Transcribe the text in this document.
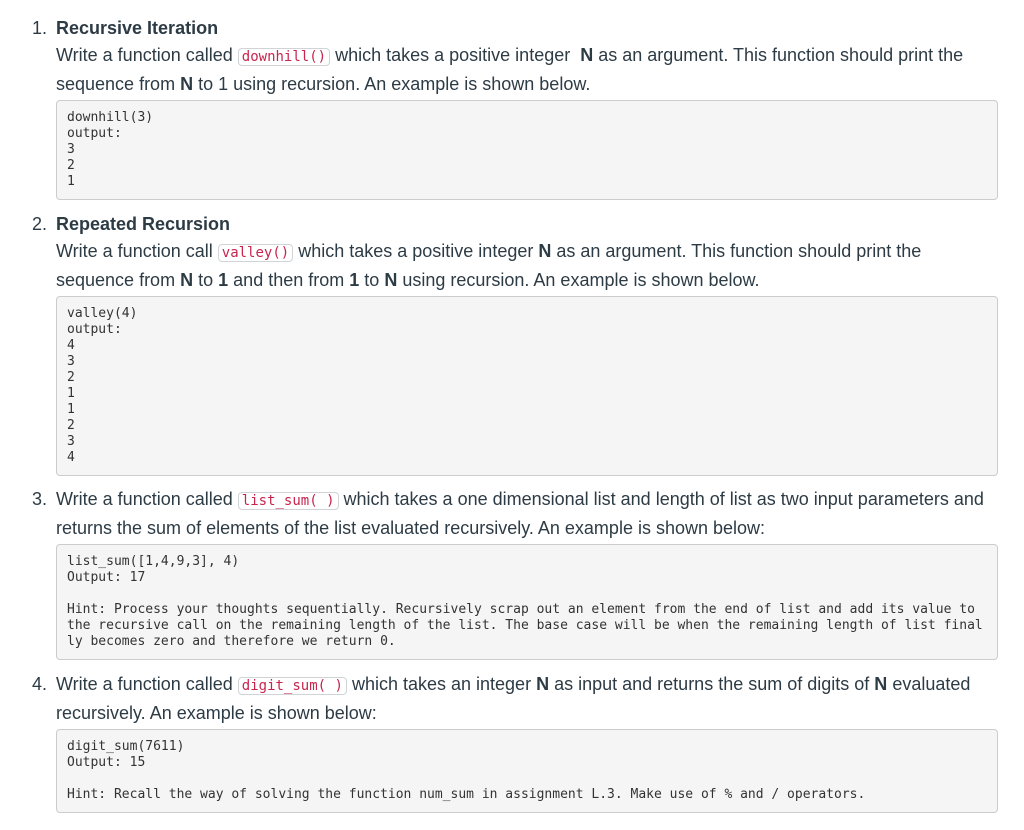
1. Recursive Iteration

Write a function called downhill() which takes a positive integer N as an argument. This function should print the sequence from N to 1 using recursion. An example is shown below.

downhill(3)
output:
3
2
1
2. Repeated Recursion

Write a function call valley() which takes a positive integer N as an argument. This function should print the sequence from N to 1 and then from 1 to N using recursion. An example is shown below.

valley(4)
output:
4
3
2
1
1
2
3
4
3. Write a function called list_sum( ) which takes a one dimensional list and length of list as two input parameters and returns the sum of elements of the list evaluated recursively. An example is shown below:

list_sum([1,4,9,3], 4)
Output: 17

Hint: Process your thoughts sequentially. Recursively scrap out an element from the end of list and add its value to the recursive call on the remaining length of the list. The base case will be when the remaining length of list finally becomes zero and therefore we return 0.
4. Write a function called digit_sum( ) which takes an integer N as input and returns the sum of digits of N evaluated recursively. An example is shown below:

digit_sum(7611)
Output: 15

Hint: Recall the way of solving the function num_sum in assignment L.3. Make use of % and / operators.
